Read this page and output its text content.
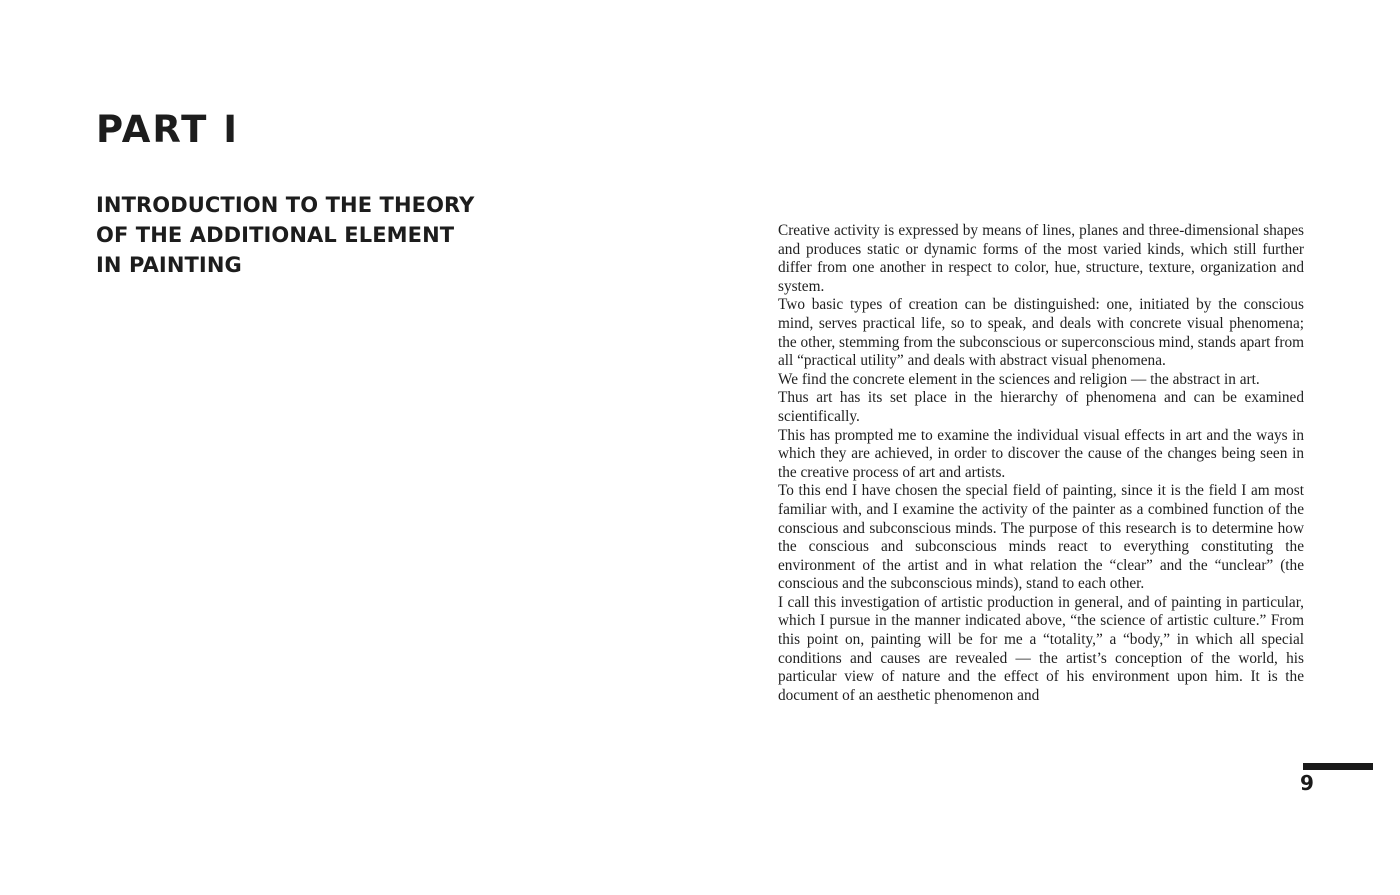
PART I
INTRODUCTION TO THE THEORY
OF THE ADDITIONAL ELEMENT
IN PAINTING

Creative activity is expressed by means of lines, planes and three-dimensional shapes and produces static or dynamic forms of the most varied kinds, which still further differ from one another in respect to color, hue, structure, texture, organization and system.

Two basic types of creation can be distinguished: one, initiated by the conscious mind, serves practical life, so to speak, and deals with concrete visual phenomena; the other, stemming from the subconscious or superconscious mind, stands apart from all “practical utility” and deals with abstract visual phenomena.

We find the concrete element in the sciences and religion — the abstract in art.

Thus art has its set place in the hierarchy of phenomena and can be examined scientifically.

This has prompted me to examine the individual visual effects in art and the ways in which they are achieved, in order to discover the cause of the changes being seen in the creative process of art and artists.

To this end I have chosen the special field of painting, since it is the field I am most familiar with, and I examine the activity of the painter as a combined function of the conscious and subconscious minds. The purpose of this research is to determine how the conscious and subconscious minds react to everything constituting the environment of the artist and in what relation the “clear” and the “unclear” (the conscious and the subconscious minds), stand to each other.

I call this investigation of artistic production in general, and of painting in particular, which I pursue in the manner indicated above, “the science of artistic culture.” From this point on, painting will be for me a “totality,” a “body,” in which all special conditions and causes are revealed — the artist’s conception of the world, his particular view of nature and the effect of his environment upon him. It is the document of an aesthetic phenomenon and

9
